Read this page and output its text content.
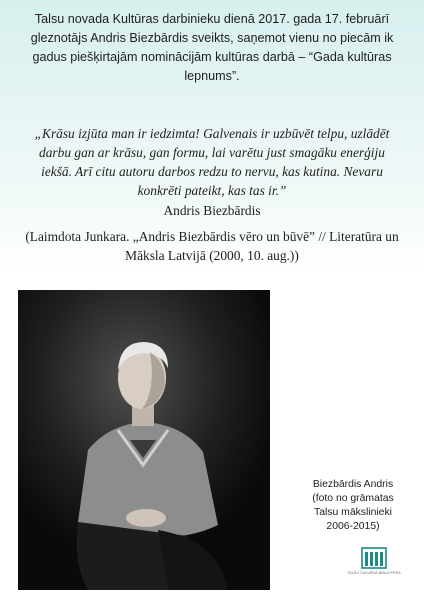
Talsu novada Kultūras darbinieku dienā 2017. gada 17. februārī gleznotājs Andris Biezbārdis sveikts, saņemot vienu no piecām ik gadus piešķirtajām nominācijām kultūras darbā – “Gada kultūras lepnums”.

„Krāsu izjūta man ir iedzimta! Galvenais ir uzbūvēt telpu, uzlādēt darbu gan ar krāsu, gan formu, lai varētu just smagāku enerģiju iekšā. Arī citu autoru darbos redzu to nervu, kas kutina. Nevaru konkrēti pateikt, kas tas ir.”

Andris Biezbārdis

(Laimdota Junkara. „Andris Biezbārdis vēro un būvē” // Literatūra un Māksla Latvijā (2000, 10. aug.))

Biezbārdis Andris
(foto no grāmatas
Talsu mākslinieki
2006-2015)

TALSU GALVENĀ BIBLIOTĒKA
